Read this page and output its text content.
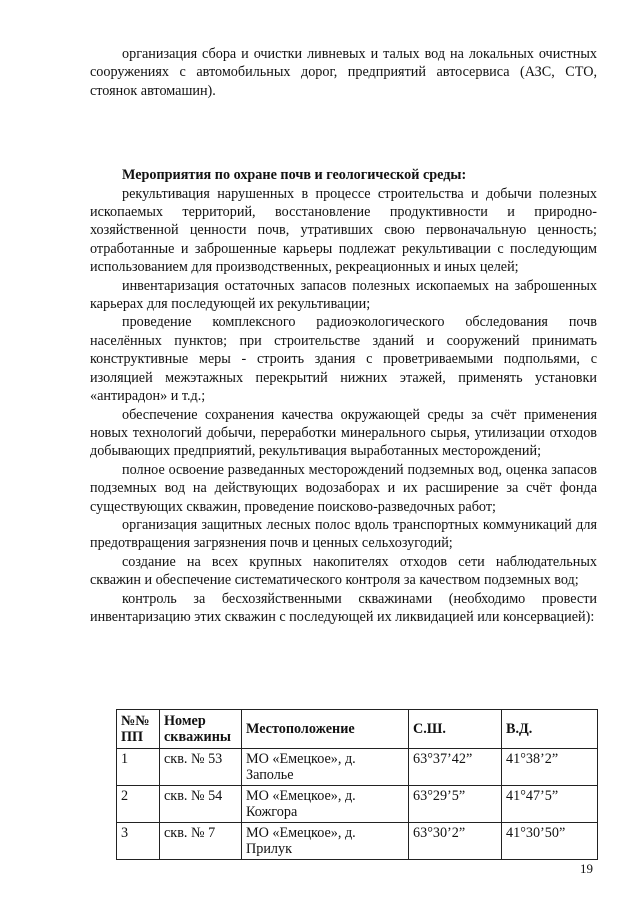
организация сбора и очистки ливневых и талых вод на локальных очистных сооружениях с автомобильных дорог, предприятий автосервиса (АЗС, СТО, стоянок автомашин).

Мероприятия по охране почв и геологической среды:

рекультивация нарушенных в процессе строительства и добычи полезных ископаемых территорий, восстановление продуктивности и природно-хозяйственной ценности почв, утративших свою первоначальную ценность; отработанные и заброшенные карьеры подлежат рекультивации с последующим использованием для производственных, рекреационных и иных целей;

инвентаризация остаточных запасов полезных ископаемых на заброшенных карьерах для последующей их рекультивации;

проведение комплексного радиоэкологического обследования почв населённых пунктов; при строительстве зданий и сооружений принимать конструктивные меры - строить здания с проветриваемыми подпольями, с изоляцией межэтажных перекрытий нижних этажей, применять установки «антирадон» и т.д.;

обеспечение сохранения качества окружающей среды за счёт применения новых технологий добычи, переработки минерального сырья, утилизации отходов добывающих предприятий, рекультивация выработанных месторождений;

полное освоение разведанных месторождений подземных вод, оценка запасов подземных вод на действующих водозаборах и их расширение за счёт фонда существующих скважин, проведение поисково-разведочных работ;

организация защитных лесных полос вдоль транспортных коммуникаций для предотвращения загрязнения почв и ценных сельхозугодий;

создание на всех крупных накопителях отходов сети наблюдательных скважин и обеспечение систематического контроля за качеством подземных вод;

контроль за бесхозяйственными скважинами (необходимо провести инвентаризацию этих скважин с последующей их ликвидацией или консервацией):

№№ ПП	Номер скважины	Местоположение	С.Ш.	В.Д.
1	скв. № 53	МО «Емецкое», д. Заполье	63°37’42”	41°38’2”
2	скв. № 54	МО «Емецкое», д. Кожгора	63°29’5”	41°47’5”
3	скв. № 7	МО «Емецкое», д. Прилук	63°30’2”	41°30’50”
19
